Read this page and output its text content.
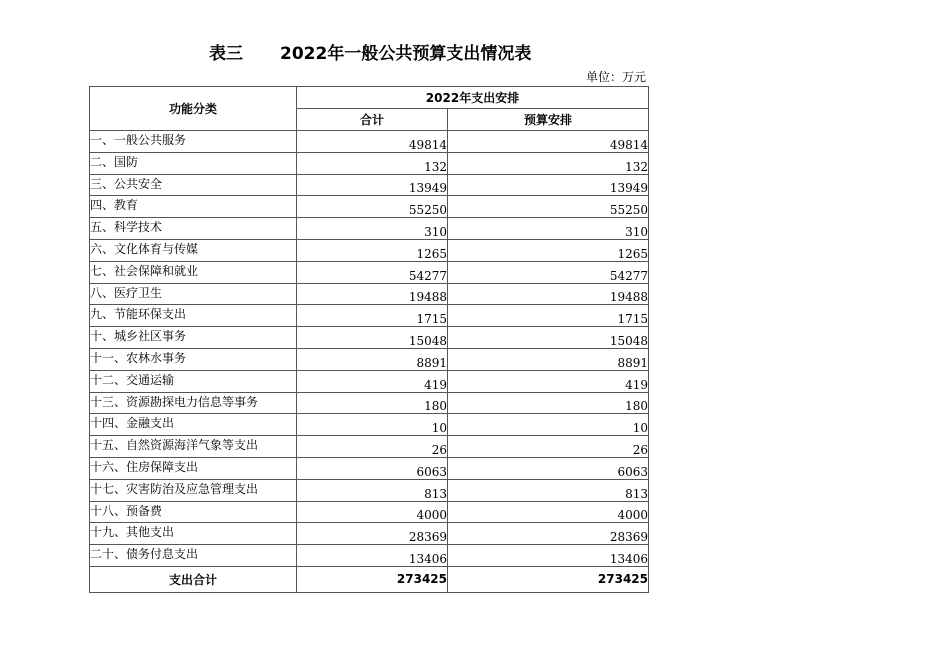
表三 2022年一般公共预算支出情况表
单位：万元
功能分类	2022年支出安排	
	合计	预算安排
一、一般公共服务	49814	49814
二、国防	132	132
三、公共安全	13949	13949
四、教育	55250	55250
五、科学技术	310	310
六、文化体育与传媒	1265	1265
七、社会保障和就业	54277	54277
八、医疗卫生	19488	19488
九、节能环保支出	1715	1715
十、城乡社区事务	15048	15048
十一、农林水事务	8891	8891
十二、交通运输	419	419
十三、资源勘探电力信息等事务	180	180
十四、金融支出	10	10
十五、自然资源海洋气象等支出	26	26
十六、住房保障支出	6063	6063
十七、灾害防治及应急管理支出	813	813
十八、预备费	4000	4000
十九、其他支出	28369	28369
二十、债务付息支出	13406	13406
支出合计	273425	273425
